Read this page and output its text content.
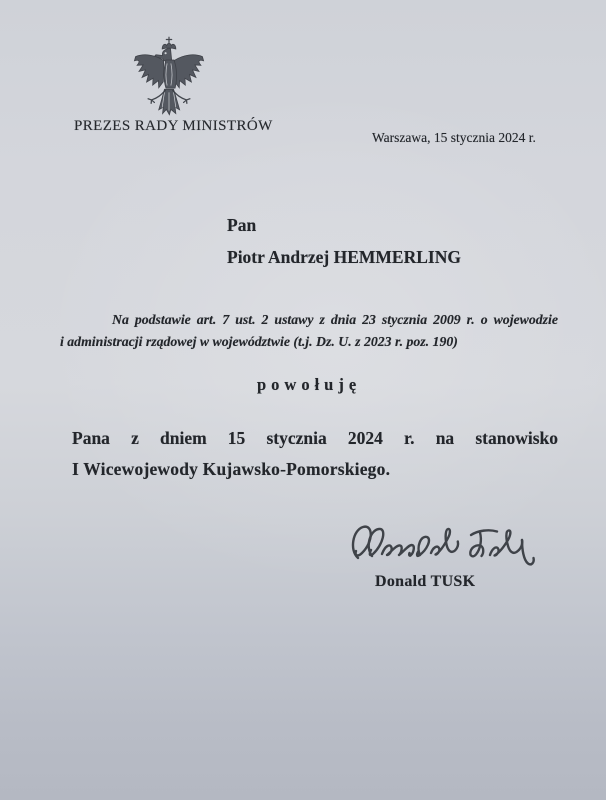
PREZES RADY MINISTRÓW
Warszawa, 15 stycznia 2024 r.
Pan
Piotr Andrzej HEMMERLING
Na podstawie art. 7 ust. 2 ustawy z dnia 23 stycznia 2009 r. o wojewodzie
i administracji rządowej w województwie (t.j. Dz. U. z 2023 r. poz. 190)
powołuję
Pana z dniem 15 stycznia 2024 r. na stanowisko
I Wicewojewody Kujawsko-Pomorskiego.
Donald TUSK
